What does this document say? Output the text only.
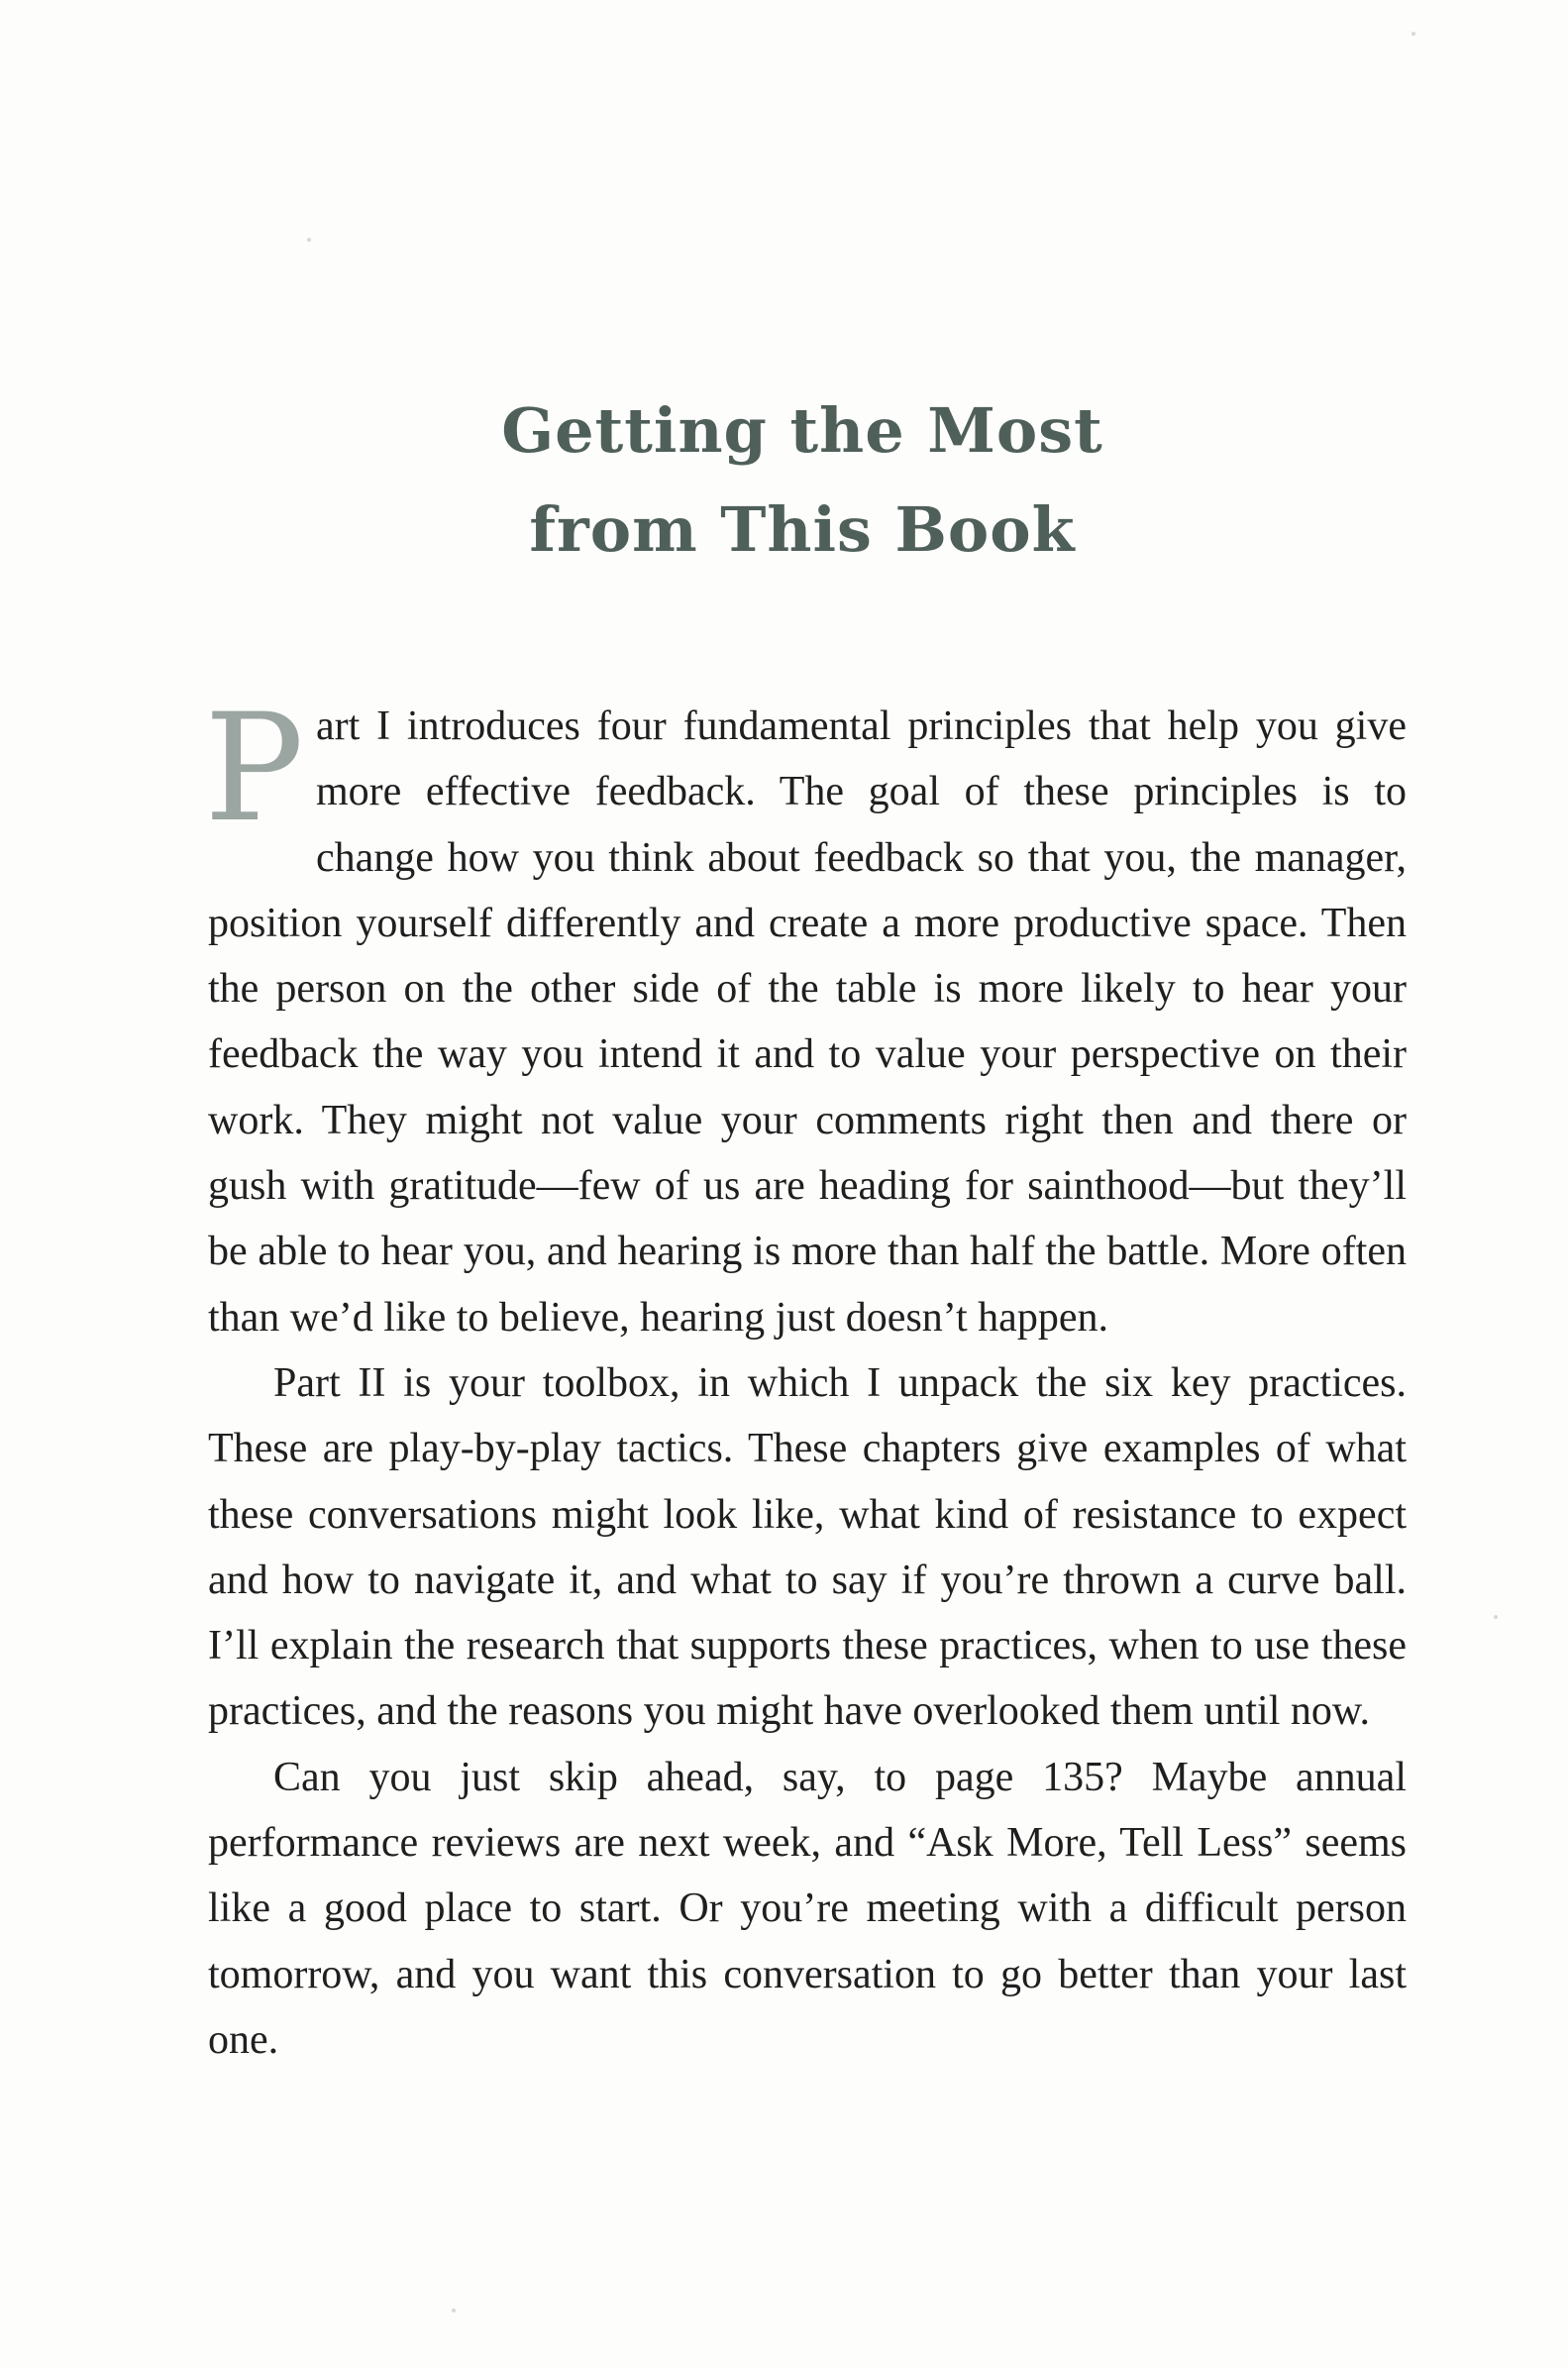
Getting the Most
from This Book

Part I introduces four fundamental principles that help you give more effective feedback. The goal of these principles is to change how you think about feedback so that you, the manager, position yourself differently and create a more productive space. Then the person on the other side of the table is more likely to hear your feedback the way you intend it and to value your perspective on their work. They might not value your comments right then and there or gush with gratitude—few of us are heading for sainthood—but they’ll be able to hear you, and hearing is more than half the battle. More often than we’d like to believe, hearing just doesn’t happen.

Part II is your toolbox, in which I unpack the six key practices. These are play-by-play tactics. These chapters give examples of what these conversations might look like, what kind of resistance to expect and how to navigate it, and what to say if you’re thrown a curve ball. I’ll explain the research that supports these practices, when to use these practices, and the reasons you might have overlooked them until now.

Can you just skip ahead, say, to page 135? Maybe annual performance reviews are next week, and “Ask More, Tell Less” seems like a good place to start. Or you’re meeting with a difficult person tomorrow, and you want this conversation to go better than your last one.
